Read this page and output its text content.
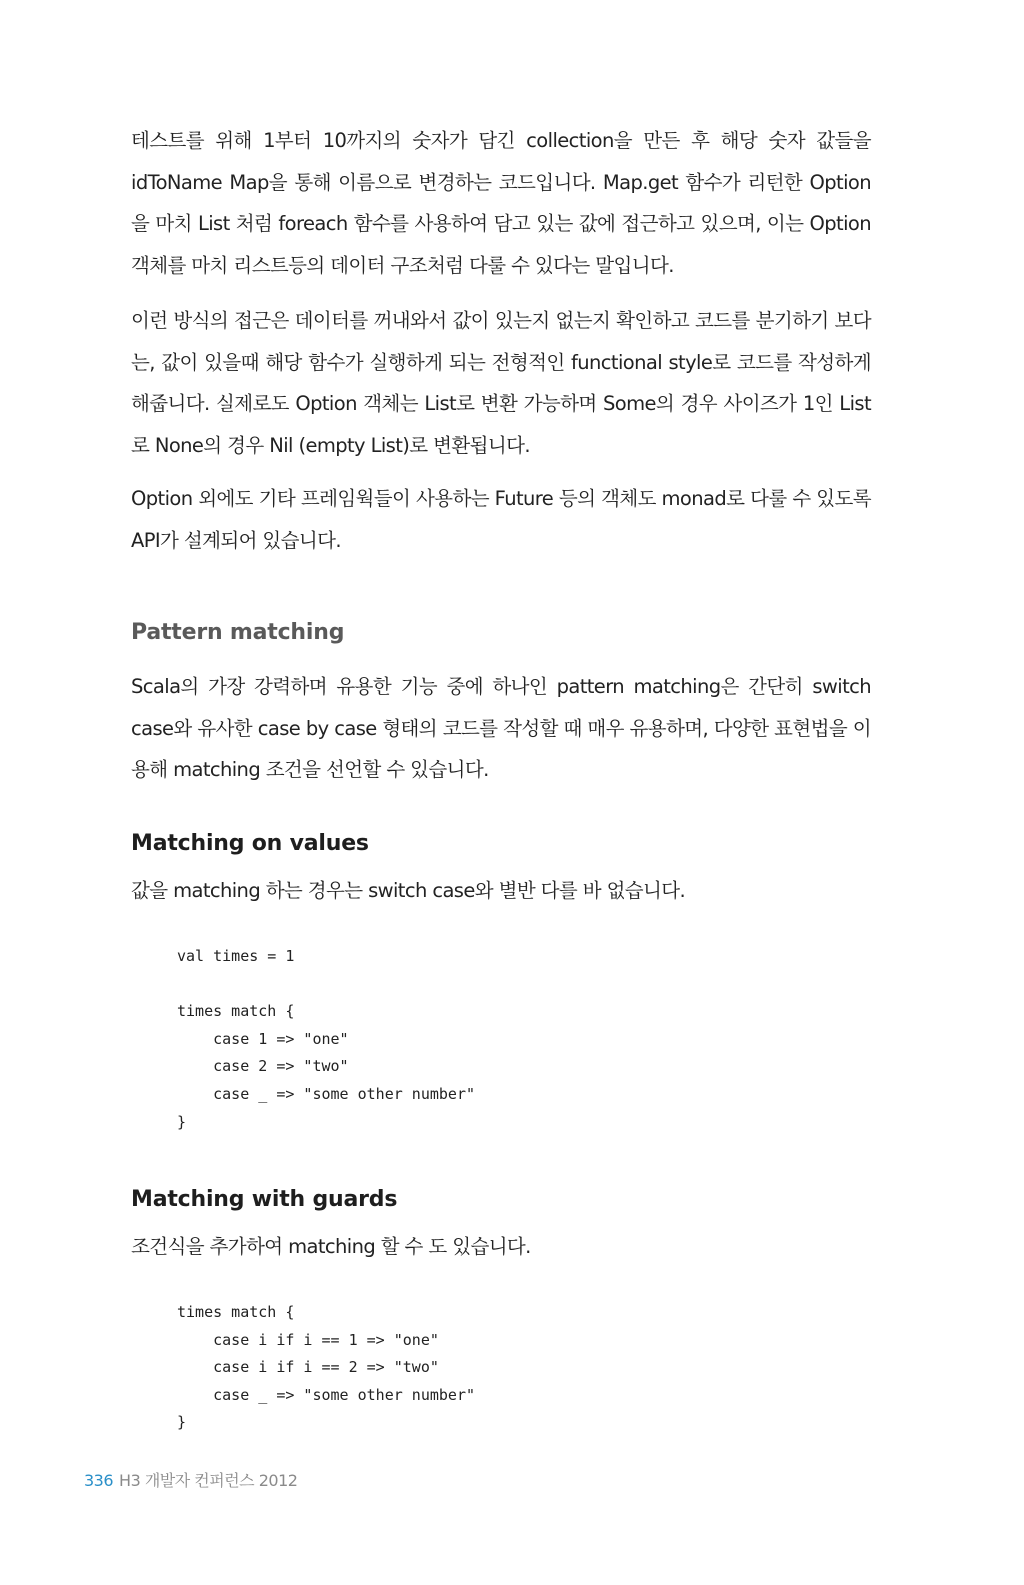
테스트를 위해 1부터 10까지의 숫자가 담긴 collection을 만든 후 해당 숫자 값들을 idToName Map을 통해 이름으로 변경하는 코드입니다. Map.get 함수가 리턴한 Option을 마치 List 처럼 foreach 함수를 사용하여 담고 있는 값에 접근하고 있으며, 이는 Option 객체를 마치 리스트등의 데이터 구조처럼 다룰 수 있다는 말입니다.

이런 방식의 접근은 데이터를 꺼내와서 값이 있는지 없는지 확인하고 코드를 분기하기 보다는, 값이 있을때 해당 함수가 실행하게 되는 전형적인 functional style로 코드를 작성하게 해줍니다. 실제로도 Option 객체는 List로 변환 가능하며 Some의 경우 사이즈가 1인 List로 None의 경우 Nil (empty List)로 변환됩니다.

Option 외에도 기타 프레임웍들이 사용하는 Future 등의 객체도 monad로 다룰 수 있도록 API가 설계되어 있습니다.

Pattern matching

Scala의 가장 강력하며 유용한 기능 중에 하나인 pattern matching은 간단히 switch case와 유사한 case by case 형태의 코드를 작성할 때 매우 유용하며, 다양한 표현법을 이용해 matching 조건을 선언할 수 있습니다.

Matching on values

값을 matching 하는 경우는 switch case와 별반 다를 바 없습니다.

val times = 1
times match {
case 1 => "one"
case 2 => "two"
case _ => "some other number"
}
Matching with guards

조건식을 추가하여 matching 할 수 도 있습니다.

times match {
case i if i == 1 => "one"
case i if i == 2 => "two"
case _ => "some other number"
}
336 H3 개발자 컨퍼런스 2012
